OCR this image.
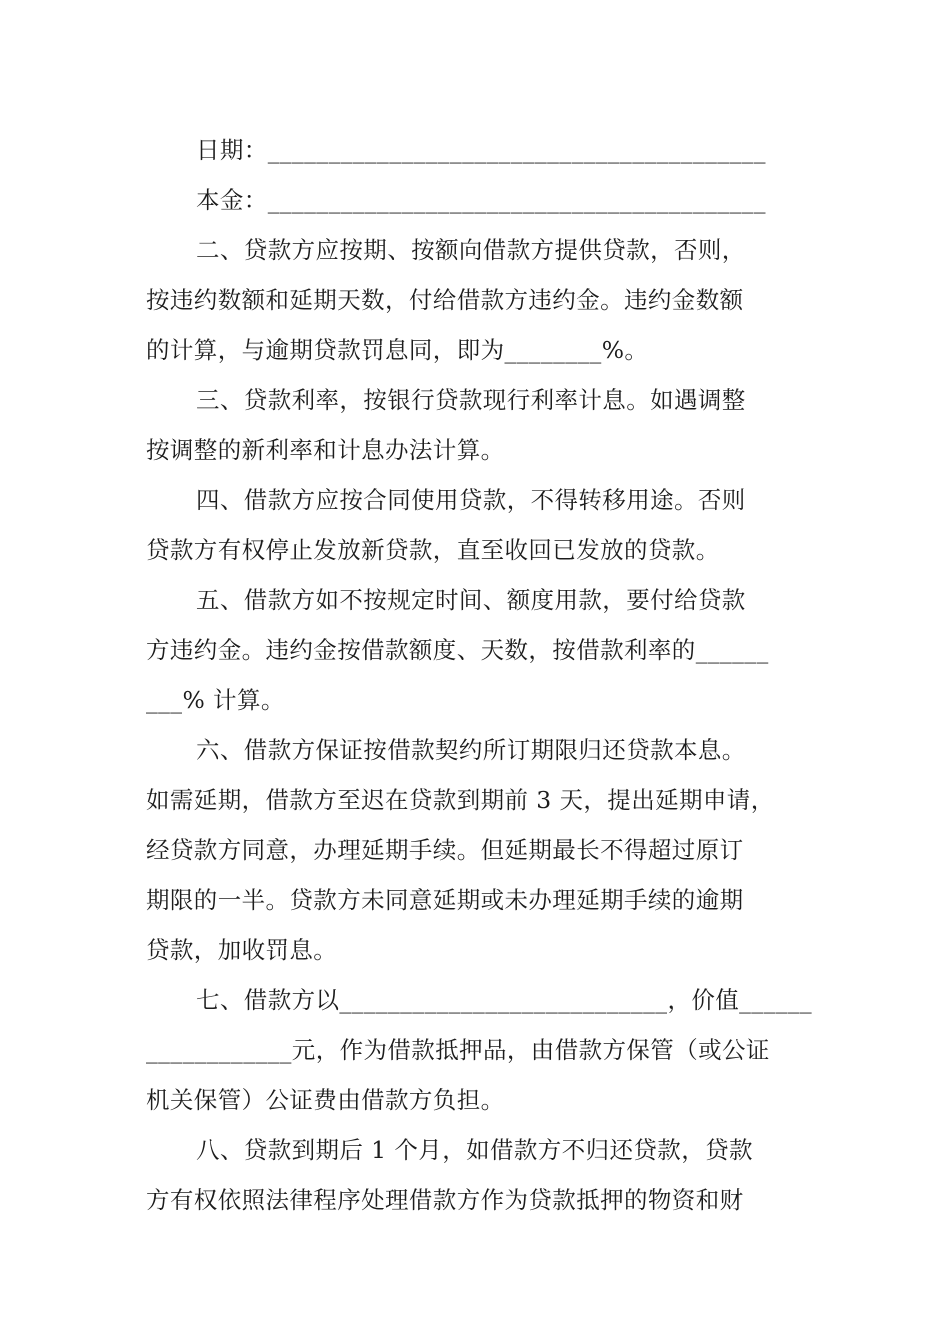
日期：_________________________________________
本金：_________________________________________
二、贷款方应按期、按额向借款方提供贷款，否则，
按违约数额和延期天数，付给借款方违约金。违约金数额
的计算，与逾期贷款罚息同，即为________%。
三、贷款利率，按银行贷款现行利率计息。如遇调整
按调整的新利率和计息办法计算。
四、借款方应按合同使用贷款，不得转移用途。否则
贷款方有权停止发放新贷款，直至收回已发放的贷款。
五、借款方如不按规定时间、额度用款，要付给贷款
方违约金。违约金按借款额度、天数，按借款利率的______
___% 计算。
六、借款方保证按借款契约所订期限归还贷款本息。
如需延期，借款方至迟在贷款到期前 3 天，提出延期申请，
经贷款方同意，办理延期手续。但延期最长不得超过原订
期限的一半。贷款方未同意延期或未办理延期手续的逾期
贷款，加收罚息。
七、借款方以___________________________，价值______
____________元，作为借款抵押品，由借款方保管（或公证
机关保管）公证费由借款方负担。
八、贷款到期后 1 个月，如借款方不归还贷款，贷款
方有权依照法律程序处理借款方作为贷款抵押的物资和财
